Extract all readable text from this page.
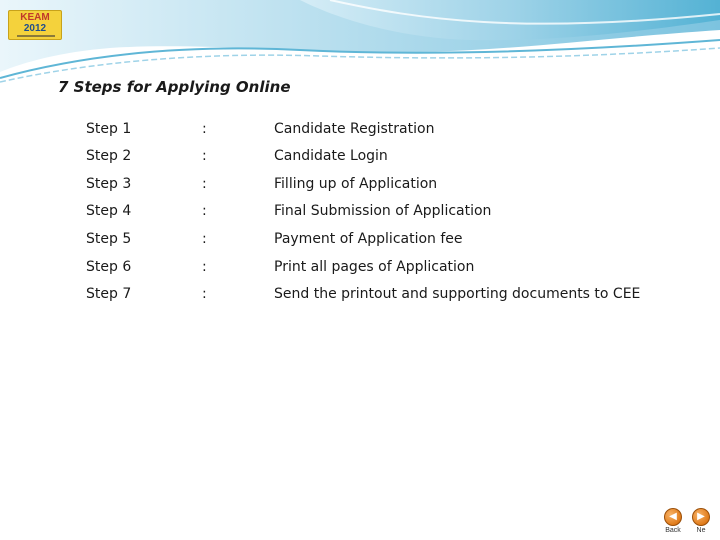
KEAM
2012
7 Steps for Applying Online
Step 1	:	Candidate Registration
Step 2	:	Candidate Login
Step 3	:	Filling up of Application
Step 4	:	Final Submission of Application
Step 5	:	Payment of Application fee
Step 6	:	Print all pages of Application
Step 7	:	Send the printout and supporting documents to CEE
◀
Back
▶
Ne
